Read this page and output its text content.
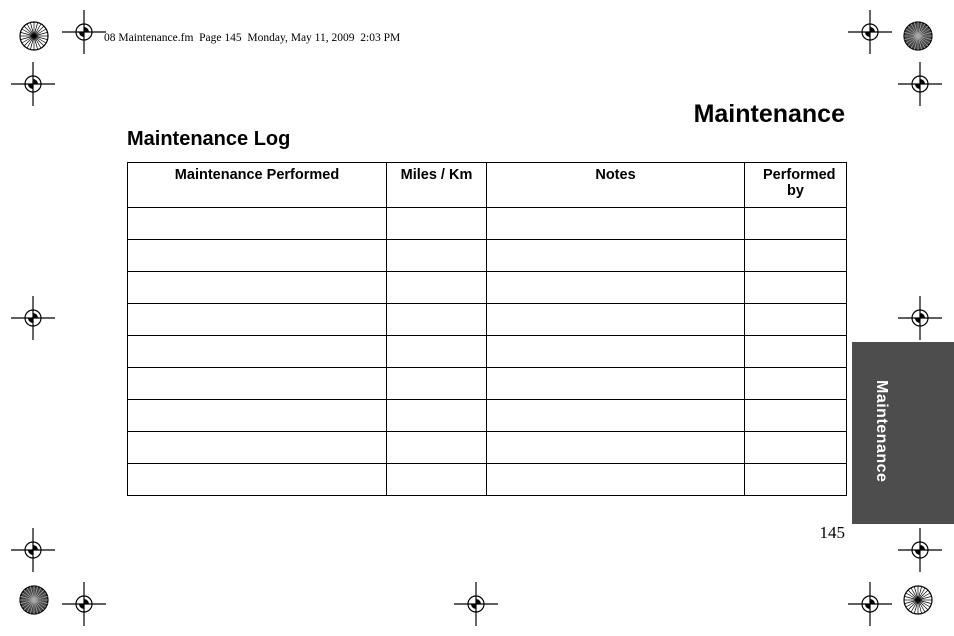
08 Maintenance.fm  Page 145  Monday, May 11, 2009  2:03 PM
Maintenance
Maintenance Log
Maintenance Performed	Miles / Km	Notes	Performed by

Maintenance
145
